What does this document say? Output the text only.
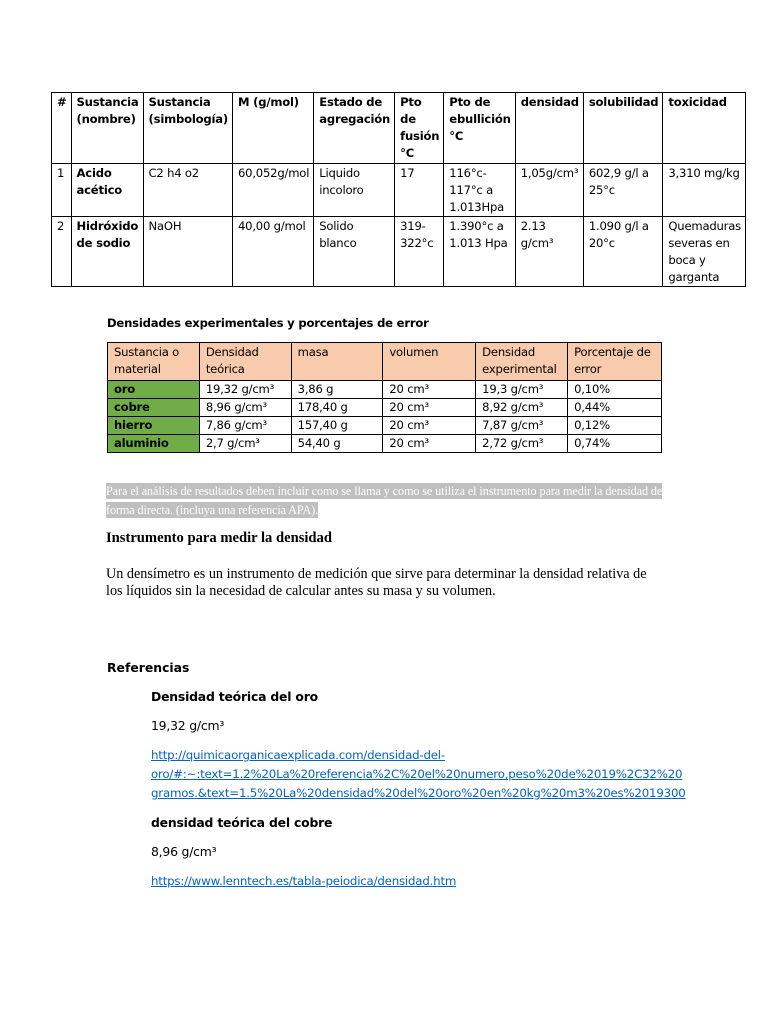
#	Sustancia (nombre)	Sustancia (simbología)	M (g/mol)	Estado de agregación	Pto de fusión °C	Pto de ebullición °C	densidad	solubilidad	toxicidad
1	Acido acético	C2 h4 o2	60,052g/mol	Liquido incoloro	17	116°c-117°c a 1.013Hpa	1,05g/cm³	602,9 g/l a 25°c	3,310 mg/kg
2	Hidróxido de sodio	NaOH	40,00 g/mol	Solido blanco	319-322°c	1.390°c a 1.013 Hpa	2.13 g/cm³	1.090 g/l a 20°c	Quemaduras severas en boca y garganta
Densidades experimentales y porcentajes de error
Sustancia o material	Densidad teórica	masa	volumen	Densidad experimental	Porcentaje de error
oro	19,32 g/cm³	3,86 g	20 cm³	19,3 g/cm³	0,10%
cobre	8,96 g/cm³	178,40 g	20 cm³	8,92 g/cm³	0,44%
hierro	7,86 g/cm³	157,40 g	20 cm³	7,87 g/cm³	0,12%
aluminio	2,7 g/cm³	54,40 g	20 cm³	2,72 g/cm³	0,74%
Para el análisis de resultados deben incluir como se llama y como se utiliza el instrumento para medir la densidad de forma directa. (incluya una referencia APA).
Instrumento para medir la densidad
Un densímetro es un instrumento de medición que sirve para determinar la densidad relativa de los líquidos sin la necesidad de calcular antes su masa y su volumen.
Referencias
Densidad teórica del oro
19,32 g/cm³
http://quimicaorganicaexplicada.com/densidad-del-
oro/#:~:text=1.2%20La%20referencia%2C%20el%20numero,peso%20de%2019%2C32%20
gramos.&text=1.5%20La%20densidad%20del%20oro%20en%20kg%20m3%20es%2019300
densidad teórica del cobre
8,96 g/cm³
https://www.lenntech.es/tabla-peiodica/densidad.htm
